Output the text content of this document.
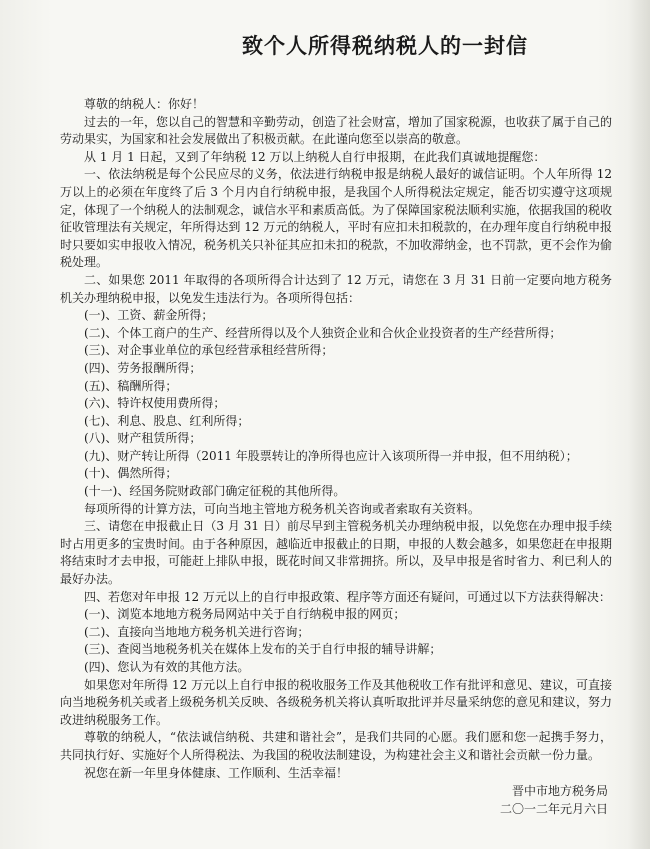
致个人所得税纳税人的一封信

尊敬的纳税人：你好！

过去的一年，您以自己的智慧和辛勤劳动，创造了社会财富，增加了国家税源，也收获了属于自己的劳动果实，为国家和社会发展做出了积极贡献。在此谨向您至以崇高的敬意。

从 1 月 1 日起，又到了年纳税 12 万以上纳税人自行申报期，在此我们真诚地提醒您：

一、依法纳税是每个公民应尽的义务，依法进行纳税申报是纳税人最好的诚信证明。个人年所得 12 万以上的必须在年度终了后 3 个月内自行纳税申报，是我国个人所得税法定规定，能否切实遵守这项规定，体现了一个纳税人的法制观念，诚信水平和素质高低。为了保障国家税法顺利实施，依据我国的税收征收管理法有关规定，年所得达到 12 万元的纳税人，平时有应扣未扣税款的，在办理年度自行纳税申报时只要如实申报收入情况，税务机关只补征其应扣未扣的税款，不加收滞纳金，也不罚款，更不会作为偷税处理。

二、如果您 2011 年取得的各项所得合计达到了 12 万元，请您在 3 月 31 日前一定要向地方税务机关办理纳税申报，以免发生违法行为。各项所得包括：

(一)、工资、薪金所得；

(二)、个体工商户的生产、经营所得以及个人独资企业和合伙企业投资者的生产经营所得；

(三)、对企事业单位的承包经营承租经营所得；

(四)、劳务报酬所得；

(五)、稿酬所得；

(六)、特许权使用费所得；

(七)、利息、股息、红利所得；

(八)、财产租赁所得；

(九)、财产转让所得（2011 年股票转让的净所得也应计入该项所得一并申报，但不用纳税）；

(十)、偶然所得；

(十一)、经国务院财政部门确定征税的其他所得。

每项所得的计算方法，可向当地主管地方税务机关咨询或者索取有关资料。

三、请您在申报截止日（3 月 31 日）前尽早到主管税务机关办理纳税申报，以免您在办理申报手续时占用更多的宝贵时间。由于各种原因，越临近申报截止的日期，申报的人数会越多，如果您赶在申报期将结束时才去申报，可能赶上排队申报，既花时间又非常拥挤。所以，及早申报是省时省力、利已利人的最好办法。

四、若您对年申报 12 万元以上的自行申报政策、程序等方面还有疑问，可通过以下方法获得解决：

(一)、浏览本地地方税务局网站中关于自行纳税申报的网页；

(二)、直接向当地地方税务机关进行咨询；

(三)、查阅当地税务机关在媒体上发布的关于自行申报的辅导讲解；

(四)、您认为有效的其他方法。

如果您对年所得 12 万元以上自行申报的税收服务工作及其他税收工作有批评和意见、建议，可直接向当地税务机关或者上级税务机关反映、各级税务机关将认真听取批评并尽量采纳您的意见和建议，努力改进纳税服务工作。

尊敬的纳税人，“依法诚信纳税、共建和谐社会”，是我们共同的心愿。我们愿和您一起携手努力，共同执行好、实施好个人所得税法、为我国的税收法制建设，为构建社会主义和谐社会贡献一份力量。

祝您在新一年里身体健康、工作顺利、生活幸福！

晋中市地方税务局
二〇一二年元月六日
